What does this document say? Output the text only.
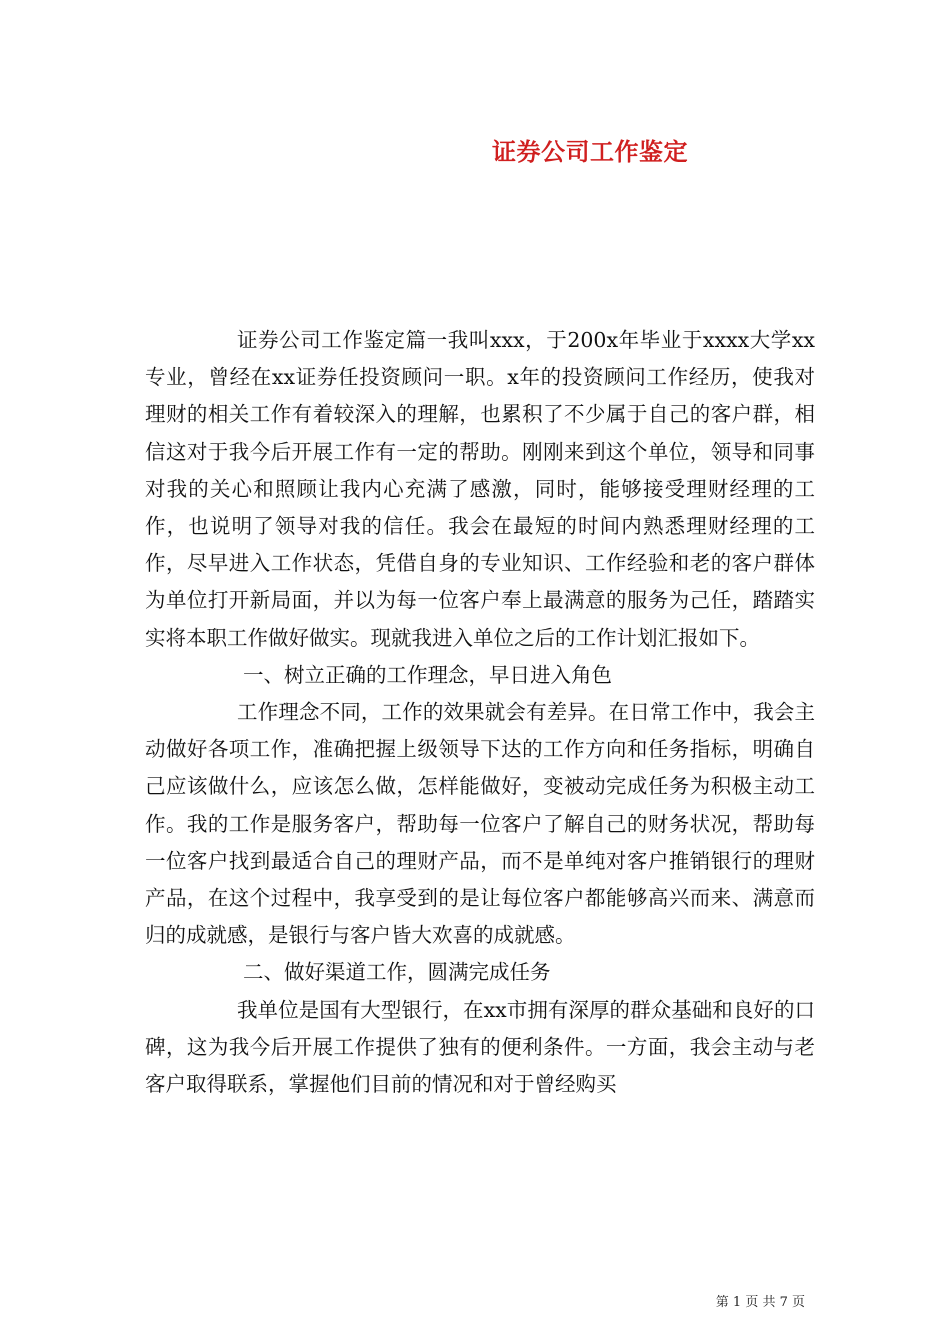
证券公司工作鉴定

证券公司工作鉴定篇一我叫xxx，于200x年毕业于xxxx大学xx专业，曾经在xx证券任投资顾问一职。x年的投资顾问工作经历，使我对理财的相关工作有着较深入的理解，也累积了不少属于自己的客户群，相信这对于我今后开展工作有一定的帮助。刚刚来到这个单位，领导和同事对我的关心和照顾让我内心充满了感激，同时，能够接受理财经理的工作，也说明了领导对我的信任。我会在最短的时间内熟悉理财经理的工作，尽早进入工作状态，凭借自身的专业知识、工作经验和老的客户群体为单位打开新局面，并以为每一位客户奉上最满意的服务为己任，踏踏实实将本职工作做好做实。现就我进入单位之后的工作计划汇报如下。

一、树立正确的工作理念，早日进入角色

工作理念不同，工作的效果就会有差异。在日常工作中，我会主动做好各项工作，准确把握上级领导下达的工作方向和任务指标，明确自己应该做什么，应该怎么做，怎样能做好，变被动完成任务为积极主动工作。我的工作是服务客户，帮助每一位客户了解自己的财务状况，帮助每一位客户找到最适合自己的理财产品，而不是单纯对客户推销银行的理财产品，在这个过程中，我享受到的是让每位客户都能够高兴而来、满意而归的成就感，是银行与客户皆大欢喜的成就感。

二、做好渠道工作，圆满完成任务

我单位是国有大型银行，在xx市拥有深厚的群众基础和良好的口碑，这为我今后开展工作提供了独有的便利条件。一方面，我会主动与老客户取得联系，掌握他们目前的情况和对于曾经购买

第 1 页 共 7 页
